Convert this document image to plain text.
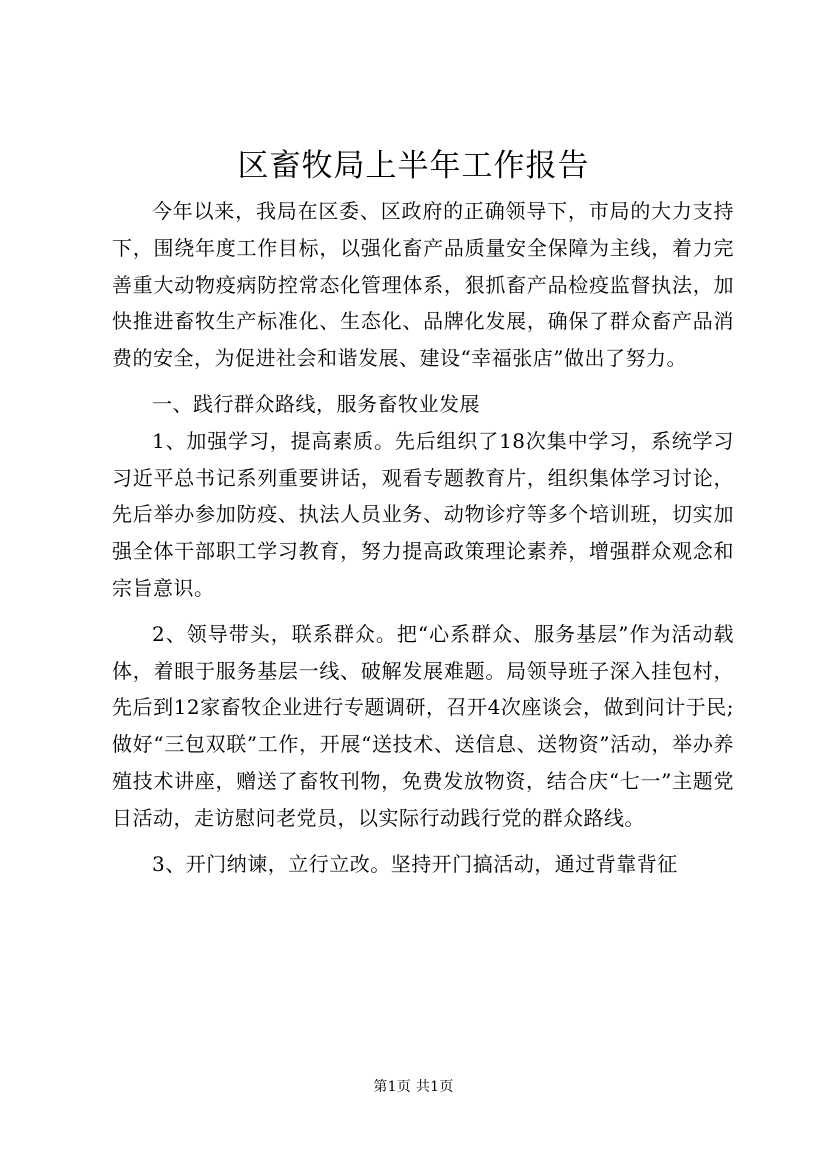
区畜牧局上半年工作报告

今年以来，我局在区委、区政府的正确领导下，市局的大力支持下，围绕年度工作目标，以强化畜产品质量安全保障为主线，着力完善重大动物疫病防控常态化管理体系，狠抓畜产品检疫监督执法，加快推进畜牧生产标准化、生态化、品牌化发展，确保了群众畜产品消费的安全，为促进社会和谐发展、建设“幸福张店”做出了努力。

一、践行群众路线，服务畜牧业发展

1、加强学习，提高素质。先后组织了18次集中学习，系统学习习近平总书记系列重要讲话，观看专题教育片，组织集体学习讨论，先后举办参加防疫、执法人员业务、动物诊疗等多个培训班，切实加强全体干部职工学习教育，努力提高政策理论素养，增强群众观念和宗旨意识。

2、领导带头，联系群众。把“心系群众、服务基层”作为活动载体，着眼于服务基层一线、破解发展难题。局领导班子深入挂包村，先后到12家畜牧企业进行专题调研，召开4次座谈会，做到问计于民;做好“三包双联”工作，开展“送技术、送信息、送物资”活动，举办养殖技术讲座，赠送了畜牧刊物，免费发放物资，结合庆“七一”主题党日活动，走访慰问老党员，以实际行动践行党的群众路线。

3、开门纳谏，立行立改。坚持开门搞活动，通过背靠背征

第1页 共1页
